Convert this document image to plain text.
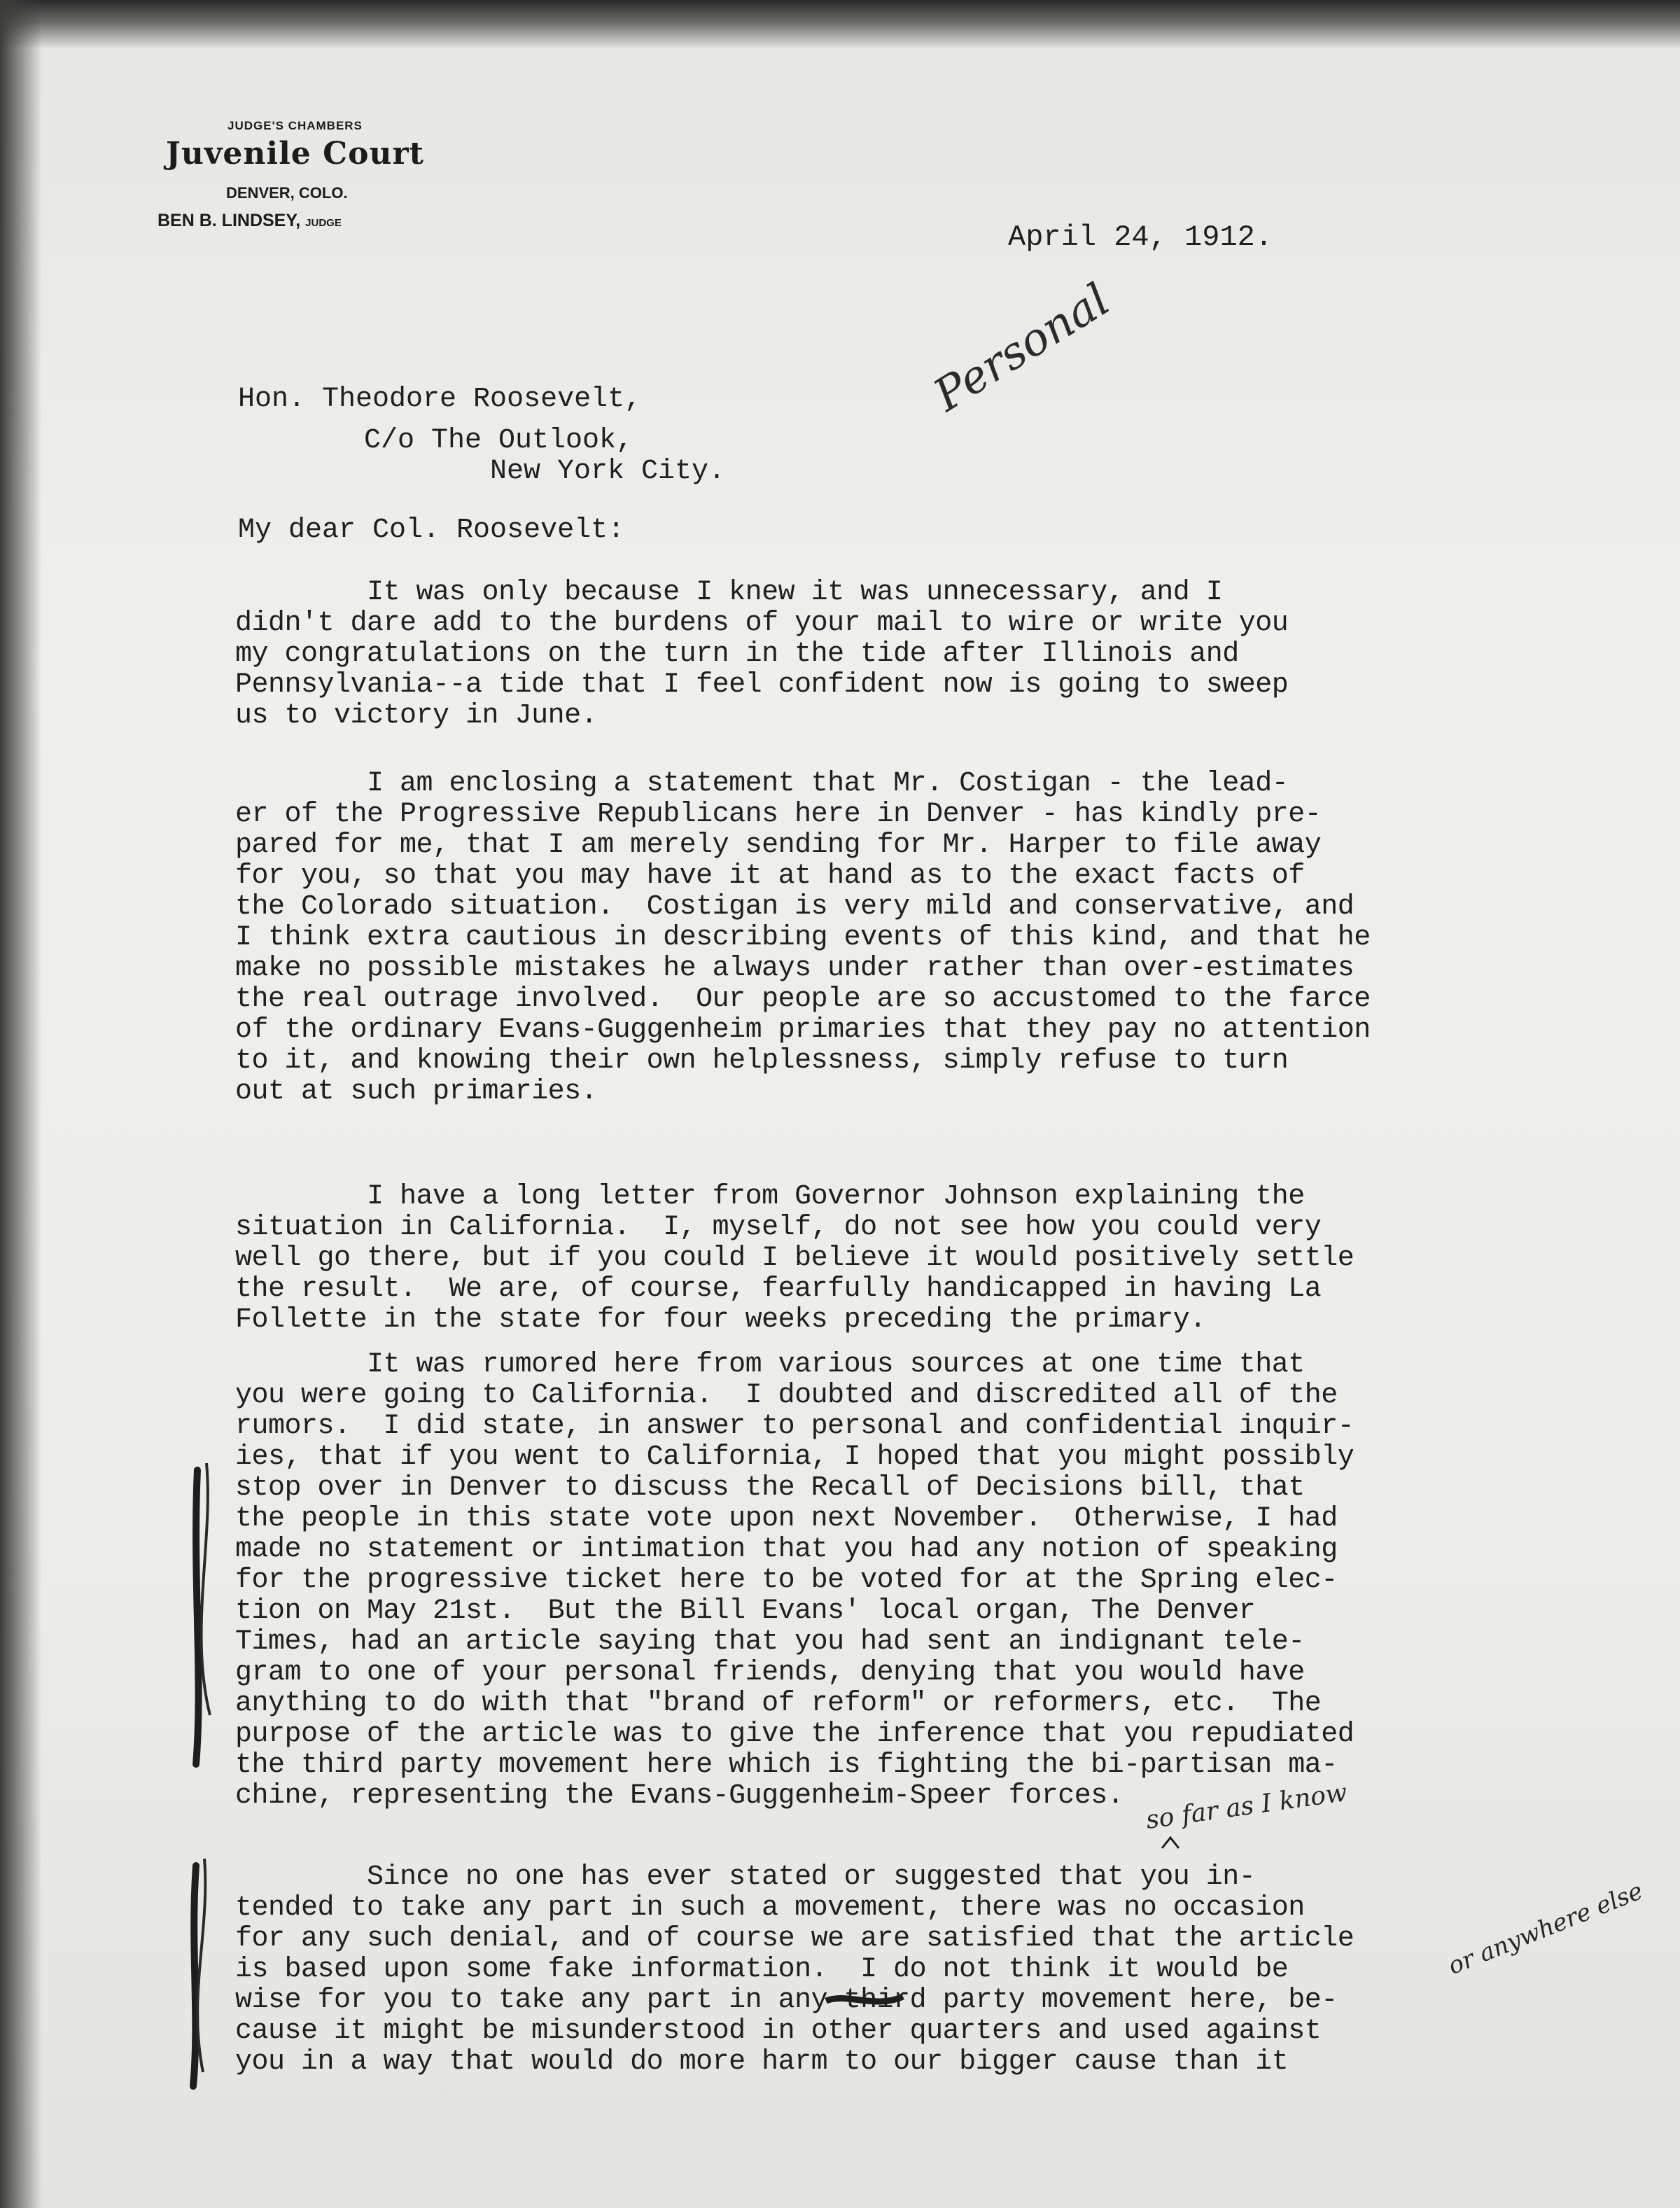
JUDGE'S CHAMBERS
Juvenile Court
DENVER, COLO.
BEN B. LINDSEY, JUDGE	April 24, 1912.
Hon. Theodore Roosevelt,
C/o The Outlook,
New York City.
My dear Col. Roosevelt:
It was only because I knew it was unnecessary, and I
didn't dare add to the burdens of your mail to wire or write you
my congratulations on the turn in the tide after Illinois and
Pennsylvania--a tide that I feel confident now is going to sweep
us to victory in June.
I am enclosing a statement that Mr. Costigan - the lead-
er of the Progressive Republicans here in Denver - has kindly pre-
pared for me, that I am merely sending for Mr. Harper to file away
for you, so that you may have it at hand as to the exact facts of
the Colorado situation.  Costigan is very mild and conservative, and
I think extra cautious in describing events of this kind, and that he
make no possible mistakes he always under rather than over-estimates
the real outrage involved.  Our people are so accustomed to the farce
of the ordinary Evans-Guggenheim primaries that they pay no attention
to it, and knowing their own helplessness, simply refuse to turn
out at such primaries.
I have a long letter from Governor Johnson explaining the
situation in California.  I, myself, do not see how you could very
well go there, but if you could I believe it would positively settle
the result.  We are, of course, fearfully handicapped in having La
Follette in the state for four weeks preceding the primary.
It was rumored here from various sources at one time that
you were going to California.  I doubted and discredited all of the
rumors.  I did state, in answer to personal and confidential inquir-
ies, that if you went to California, I hoped that you might possibly
stop over in Denver to discuss the Recall of Decisions bill, that
the people in this state vote upon next November.  Otherwise, I had
made no statement or intimation that you had any notion of speaking
for the progressive ticket here to be voted for at the Spring elec-
tion on May 21st.  But the Bill Evans' local organ, The Denver
Times, had an article saying that you had sent an indignant tele-
gram to one of your personal friends, denying that you would have
anything to do with that "brand of reform" or reformers, etc.  The
purpose of the article was to give the inference that you repudiated
the third party movement here which is fighting the bi-partisan ma-
chine, representing the Evans-Guggenheim-Speer forces.
Since no one has ever stated or suggested that you in-
tended to take any part in such a movement, there was no occasion
for any such denial, and of course we are satisfied that the article
is based upon some fake information.  I do not think it would be
wise for you to take any part in any third party movement here, be-
cause it might be misunderstood in other quarters and used against
you in a way that would do more harm to our bigger cause than it
Personal
so far as I know
or anywhere else
